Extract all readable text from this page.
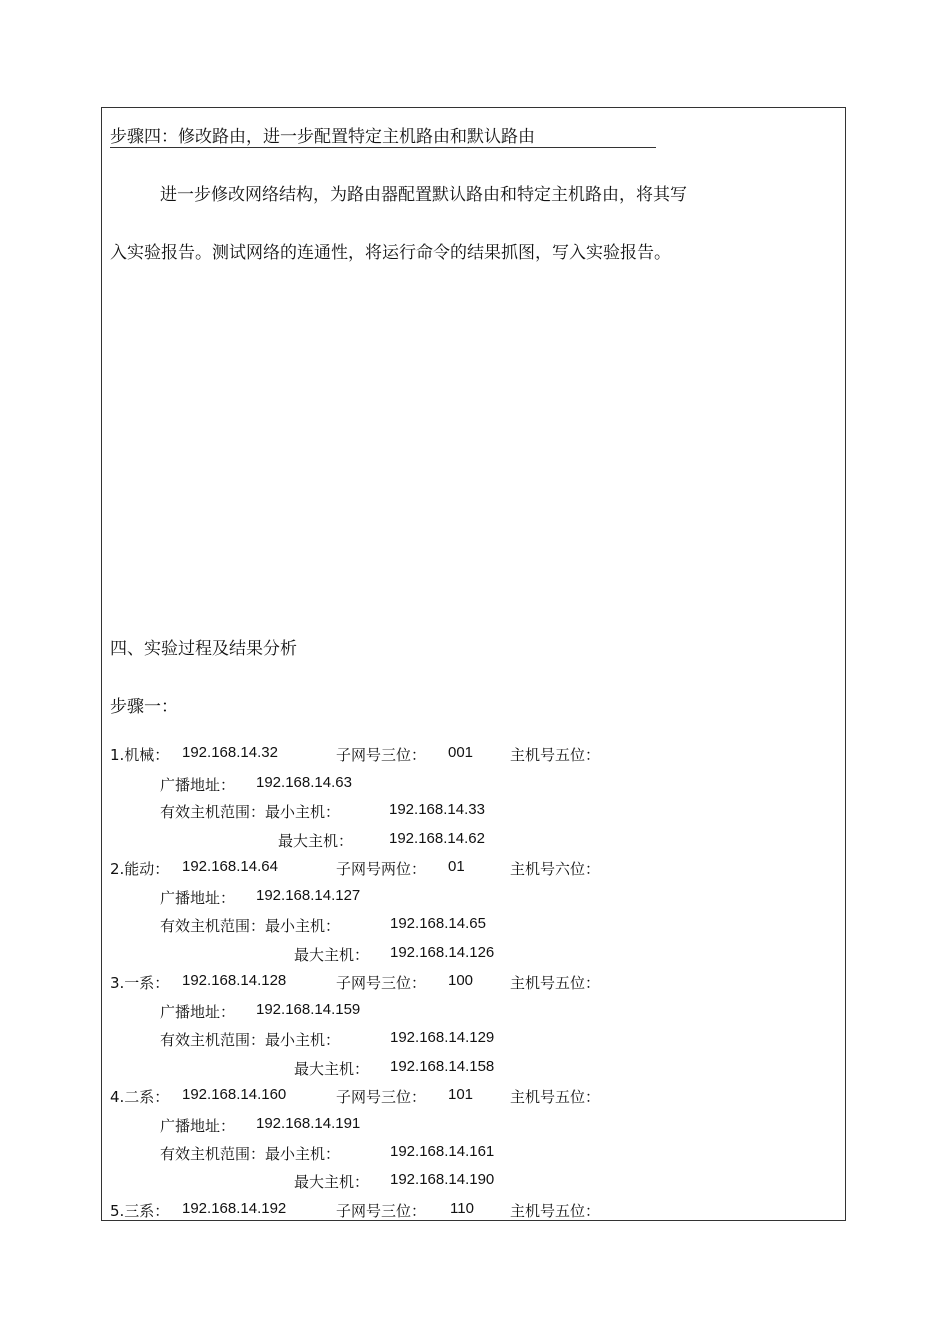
步骤四：修改路由，进一步配置特定主机路由和默认路由
进一步修改网络结构，为路由器配置默认路由和特定主机路由，将其写
入实验报告。测试网络的连通性，将运行命令的结果抓图，写入实验报告。
四、实验过程及结果分析
步骤一：
1.机械： 192.168.14.32	子网号三位： 001 主机号五位：
广播地址： 192.168.14.63
有效主机范围：最小主机：	192.168.14.33
最大主机： 192.168.14.62
2.能动： 192.168.14.64	子网号两位： 01	主机号六位：
广播地址： 192.168.14.127
有效主机范围：最小主机：	192.168.14.65
最大主机： 192.168.14.126
3.一系： 192.168.14.128	子网号三位： 100 主机号五位：
广播地址： 192.168.14.159
有效主机范围：最小主机：	192.168.14.129
最大主机： 192.168.14.158
4.二系： 192.168.14.160	子网号三位： 101 主机号五位：
广播地址： 192.168.14.191
有效主机范围：最小主机：	192.168.14.161
最大主机： 192.168.14.190
5.三系： 192.168.14.192	子网号三位： 110 主机号五位：
